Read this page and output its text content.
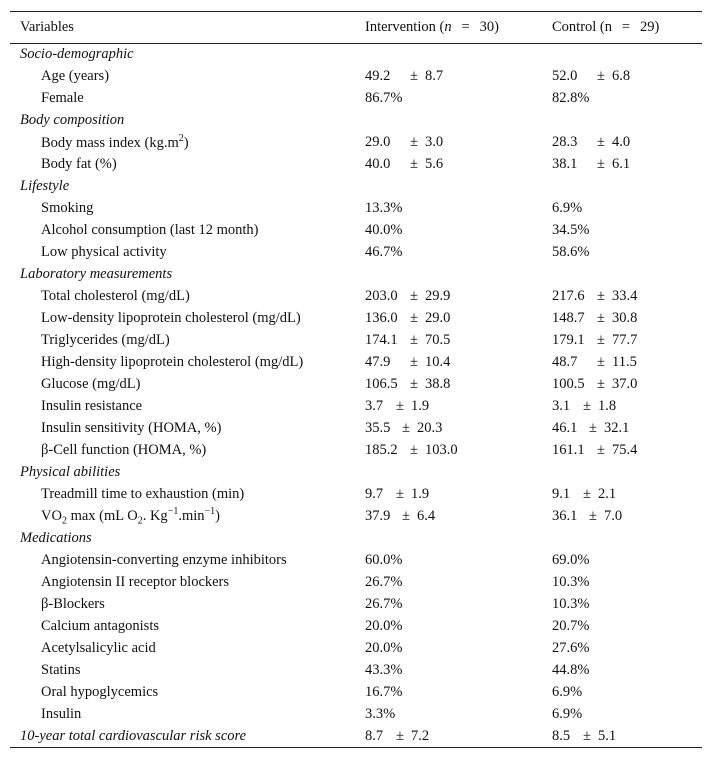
Variables	Intervention (n = 30)	Control (n = 29)
Socio-demographic		
Age (years)	49.2 ± 8.7	52.0 ± 6.8
Female	86.7%	82.8%
Body composition		
Body mass index $(kg.m^2)$	29.0 ± 3.0	28.3 ± 4.0
Body fat (%)	40.0 ± 5.6	38.1 ± 6.1
Lifestyle		
Smoking	13.3%	6.9%
Alcohol consumption (last 12 month)	40.0%	34.5%
Low physical activity	46.7%	58.6%
Laboratory measurements		
Total cholesterol (mg/dL)	203.0 ± 29.9	217.6 ± 33.4
Low-density lipoprotein cholesterol (mg/dL)	136.0 ± 29.0	148.7 ± 30.8
Triglycerides (mg/dL)	174.1 ± 70.5	179.1 ± 77.7
High-density lipoprotein cholesterol (mg/dL)	47.9 ± 10.4	48.7 ± 11.5
Glucose (mg/dL)	106.5 ± 38.8	100.5 ± 37.0
Insulin resistance	3.7 ± 1.9	3.1 ± 1.8
Insulin sensitivity (HOMA, %)	35.5 ± 20.3	46.1 ± 32.1
β-Cell function (HOMA, %)	185.2 ± 103.0	161.1 ± 75.4
Physical abilities		
Treadmill time to exhaustion (min)	9.7 ± 1.9	9.1 ± 2.1
$VO_2$ max (mL $O_2$. $Kg^{-1}.\min^{-1}$)	37.9 ± 6.4	36.1 ± 7.0
Medications		
Angiotensin-converting enzyme inhibitors	60.0%	69.0%
Angiotensin II receptor blockers	26.7%	10.3%
β-Blockers	26.7%	10.3%
Calcium antagonists	20.0%	20.7%
Acetylsalicylic acid	20.0%	27.6%
Statins	43.3%	44.8%
Oral hypoglycemics	16.7%	6.9%
Insulin	3.3%	6.9%
10-year total cardiovascular risk score	8.7 ± 7.2	8.5 ± 5.1
